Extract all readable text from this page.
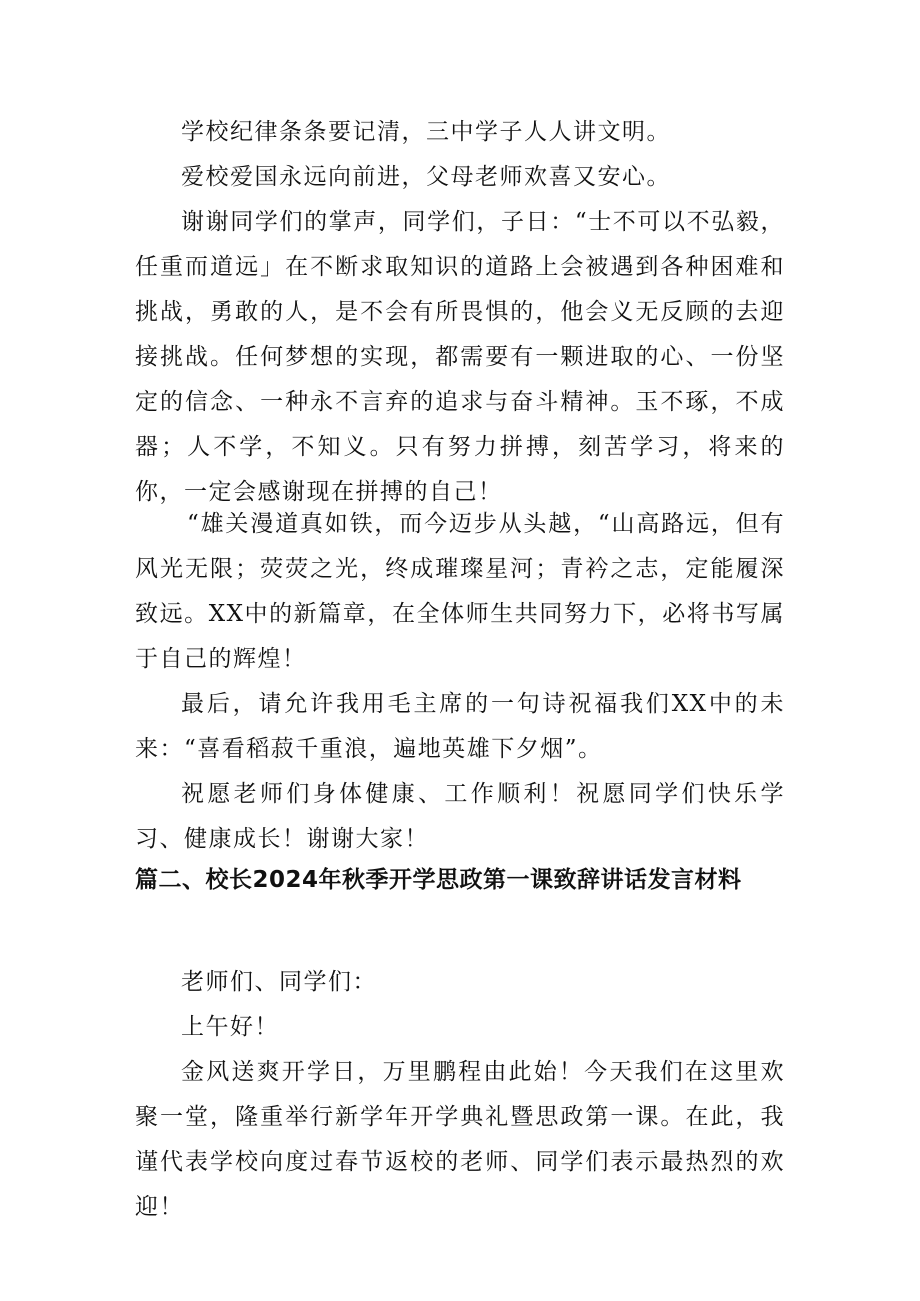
学校纪律条条要记清，三中学子人人讲文明。

爱校爱国永远向前进，父母老师欢喜又安心。

谢谢同学们的掌声，同学们，子日：“士不可以不弘毅，任重而道远」在不断求取知识的道路上会被遇到各种困难和挑战，勇敢的人，是不会有所畏惧的，他会义无反顾的去迎接挑战。任何梦想的实现，都需要有一颗进取的心、一份坚定的信念、一种永不言弃的追求与奋斗精神。玉不琢，不成器；人不学，不知义。只有努力拼搏，刻苦学习，将来的你，一定会感谢现在拼搏的自己！

“雄关漫道真如铁，而今迈步从头越，“山高路远，但有风光无限；荧荧之光，终成璀璨星河；青衿之志，定能履深致远。XX中的新篇章，在全体师生共同努力下，必将书写属于自己的辉煌！

最后，请允许我用毛主席的一句诗祝福我们XX中的未来：“喜看稻菽千重浪，遍地英雄下夕烟”。

祝愿老师们身体健康、工作顺利！祝愿同学们快乐学习、健康成长！谢谢大家！

篇二、校长2024年秋季开学思政第一课致辞讲话发言材料

老师们、同学们：

上午好！

金风送爽开学日，万里鹏程由此始！今天我们在这里欢聚一堂，隆重举行新学年开学典礼暨思政第一课。在此，我谨代表学校向度过春节返校的老师、同学们表示最热烈的欢迎！
